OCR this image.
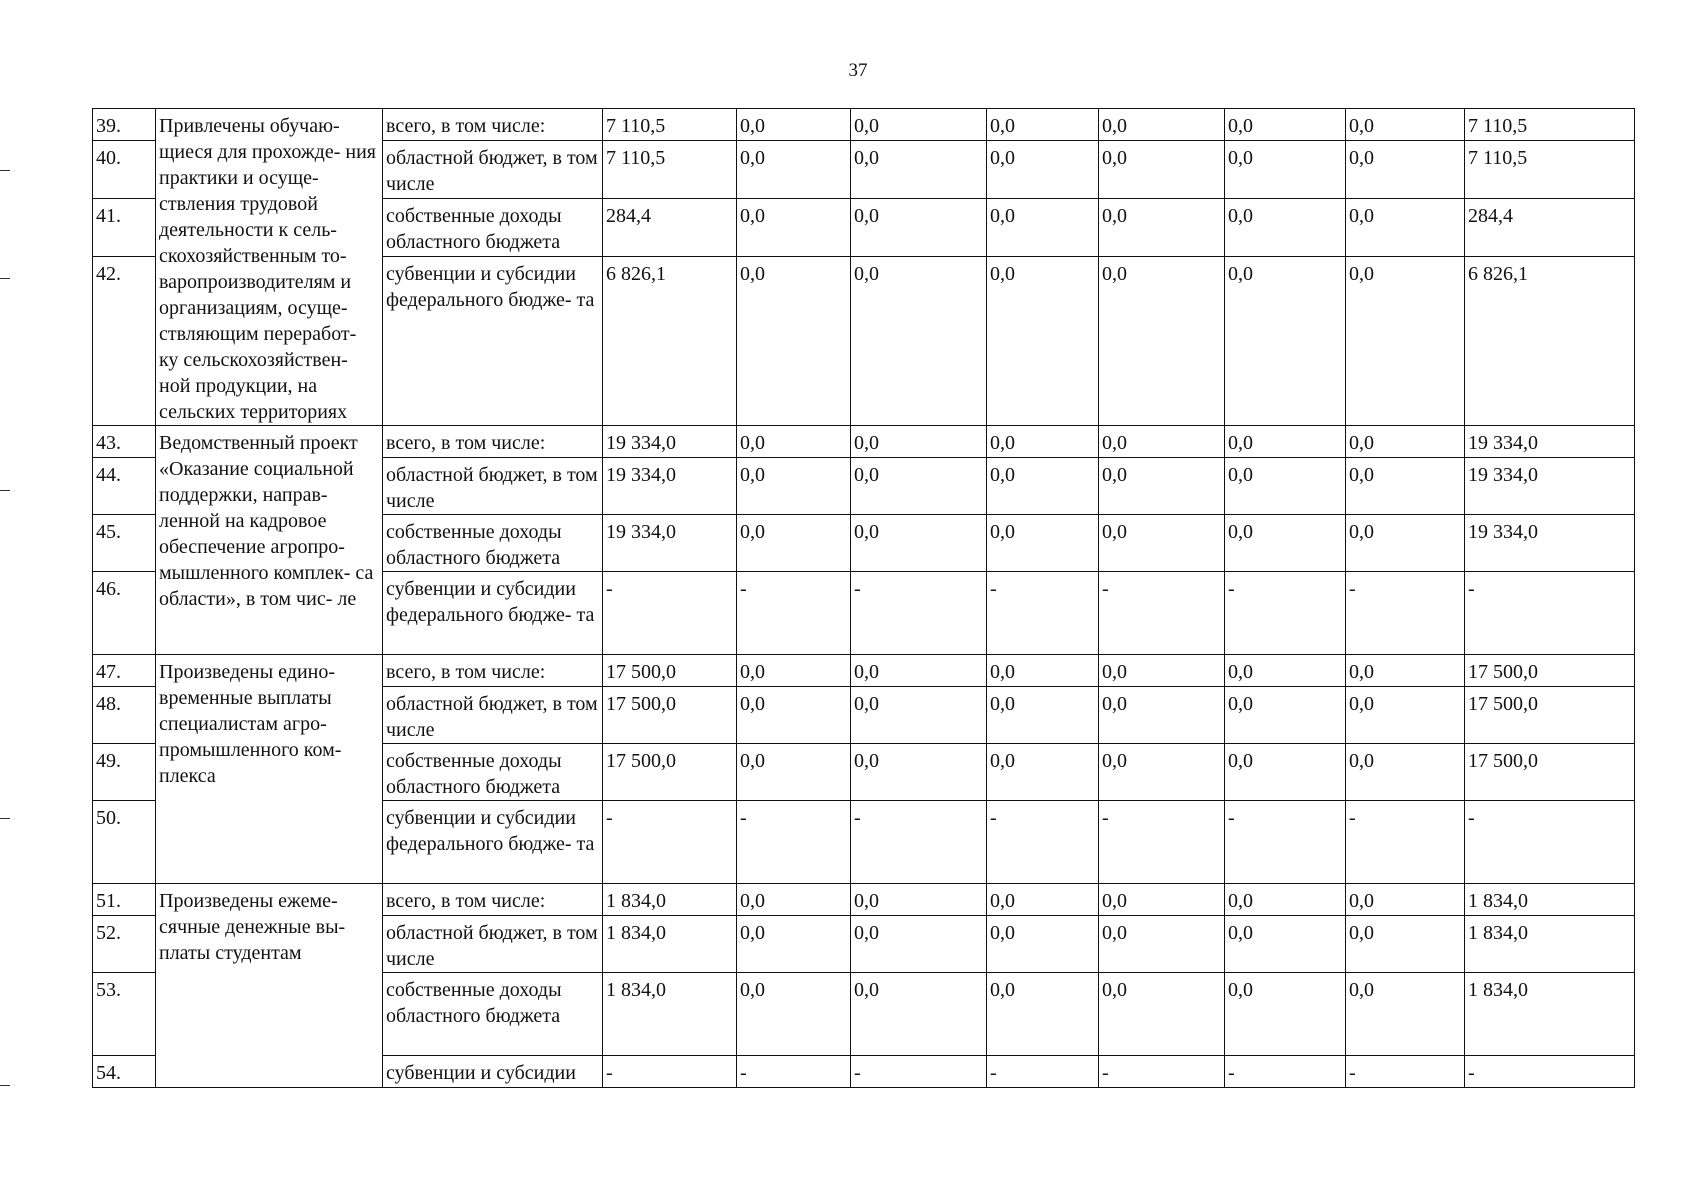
37
39.	Привлечены обучаю- щиеся для прохожде- ния практики и осуще- ствления трудовой деятельности к сель- скохозяйственным то- варопроизводителям и организациям, осуще- ствляющим переработ- ку сельскохозяйствен- ной продукции, на сельских территориях	всего, в том числе:	7 110,5	0,0	0,0	0,0	0,0	0,0	0,0	7 110,5
40.		областной бюджет, в том числе	7 110,5	0,0	0,0	0,0	0,0	0,0	0,0	7 110,5
41.		собственные доходы областного бюджета	284,4	0,0	0,0	0,0	0,0	0,0	0,0	284,4
42.		субвенции и субсидии федерального бюдже- та	6 826,1	0,0	0,0	0,0	0,0	0,0	0,0	6 826,1
43.	Ведомственный проект «Оказание социальной поддержки, направ- ленной на кадровое обеспечение агропро- мышленного комплек- са области», в том чис- ле	всего, в том числе:	19 334,0	0,0	0,0	0,0	0,0	0,0	0,0	19 334,0
44.		областной бюджет, в том числе	19 334,0	0,0	0,0	0,0	0,0	0,0	0,0	19 334,0
45.		собственные доходы областного бюджета	19 334,0	0,0	0,0	0,0	0,0	0,0	0,0	19 334,0
46.		субвенции и субсидии федерального бюдже- та	-	-	-	-	-	-	-	-
47.	Произведены едино- временные выплаты специалистам агро- промышленного ком- плекса	всего, в том числе:	17 500,0	0,0	0,0	0,0	0,0	0,0	0,0	17 500,0
48.		областной бюджет, в том числе	17 500,0	0,0	0,0	0,0	0,0	0,0	0,0	17 500,0
49.		собственные доходы областного бюджета	17 500,0	0,0	0,0	0,0	0,0	0,0	0,0	17 500,0
50.		субвенции и субсидии федерального бюдже- та	-	-	-	-	-	-	-	-
51.	Произведены ежеме- сячные денежные вы- платы студентам	всего, в том числе:	1 834,0	0,0	0,0	0,0	0,0	0,0	0,0	1 834,0
52.		областной бюджет, в том числе	1 834,0	0,0	0,0	0,0	0,0	0,0	0,0	1 834,0
53.		собственные доходы областного бюджета	1 834,0	0,0	0,0	0,0	0,0	0,0	0,0	1 834,0
54.		субвенции и субсидии	-	-	-	-	-	-	-	-
